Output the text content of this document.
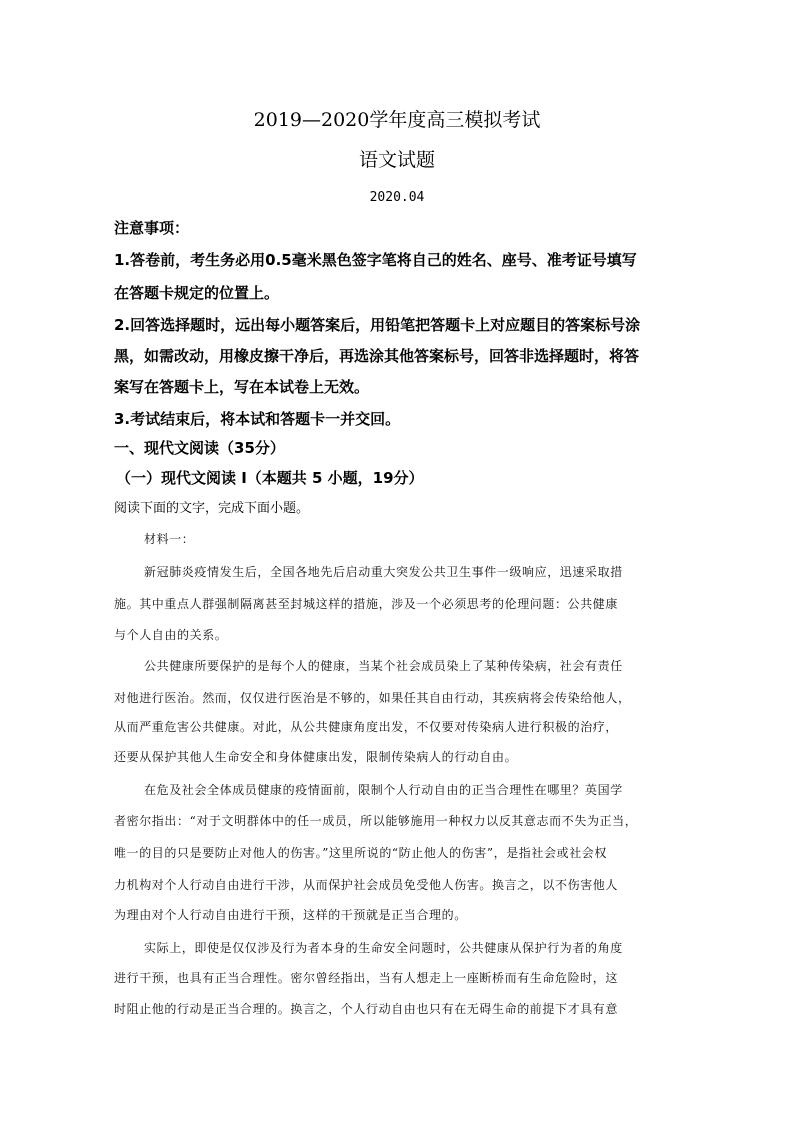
2019—2020学年度高三模拟考试
语文试题
2020.04
注意事项：
1.答卷前，考生务必用0.5毫米黑色签字笔将自己的姓名、座号、准考证号填写
在答题卡规定的位置上。
2.回答选择题时，远出每小题答案后，用铅笔把答题卡上对应题目的答案标号涂
黑，如需改动，用橡皮擦干净后，再选涂其他答案标号，回答非选择题时，将答
案写在答题卡上，写在本试卷上无效。
3.考试结束后，将本试和答题卡一并交回。
一、现代文阅读（35分）
（一）现代文阅读 I（本题共 5 小题，19分）
阅读下面的文字，完成下面小题。
材料一：
新冠肺炎疫情发生后，全国各地先后启动重大突发公共卫生事件一级响应，迅速采取措
施。其中重点人群强制隔离甚至封城这样的措施，涉及一个必须思考的伦理问题：公共健康
与个人自由的关系。
公共健康所要保护的是每个人的健康，当某个社会成员染上了某种传染病，社会有责任
对他进行医治。然而，仅仅进行医治是不够的，如果任其自由行动，其疾病将会传染给他人，
从而严重危害公共健康。对此，从公共健康角度出发，不仅要对传染病人进行积极的治疗，
还要从保护其他人生命安全和身体健康出发，限制传染病人的行动自由。
在危及社会全体成员健康的疫情面前，限制个人行动自由的正当合理性在哪里？英国学
者密尔指出：“对于文明群体中的任一成员，所以能够施用一种权力以反其意志而不失为正当，
唯一的目的只是要防止对他人的伤害。”这里所说的“防止他人的伤害”，是指社会或社会权
力机构对个人行动自由进行干涉，从而保护社会成员免受他人伤害。换言之，以不伤害他人
为理由对个人行动自由进行干预，这样的干预就是正当合理的。
实际上，即使是仅仅涉及行为者本身的生命安全问题时，公共健康从保护行为者的角度
进行干预，也具有正当合理性。密尔曾经指出，当有人想走上一座断桥而有生命危险时，这
时阻止他的行动是正当合理的。换言之，个人行动自由也只有在无碍生命的前提下才具有意
